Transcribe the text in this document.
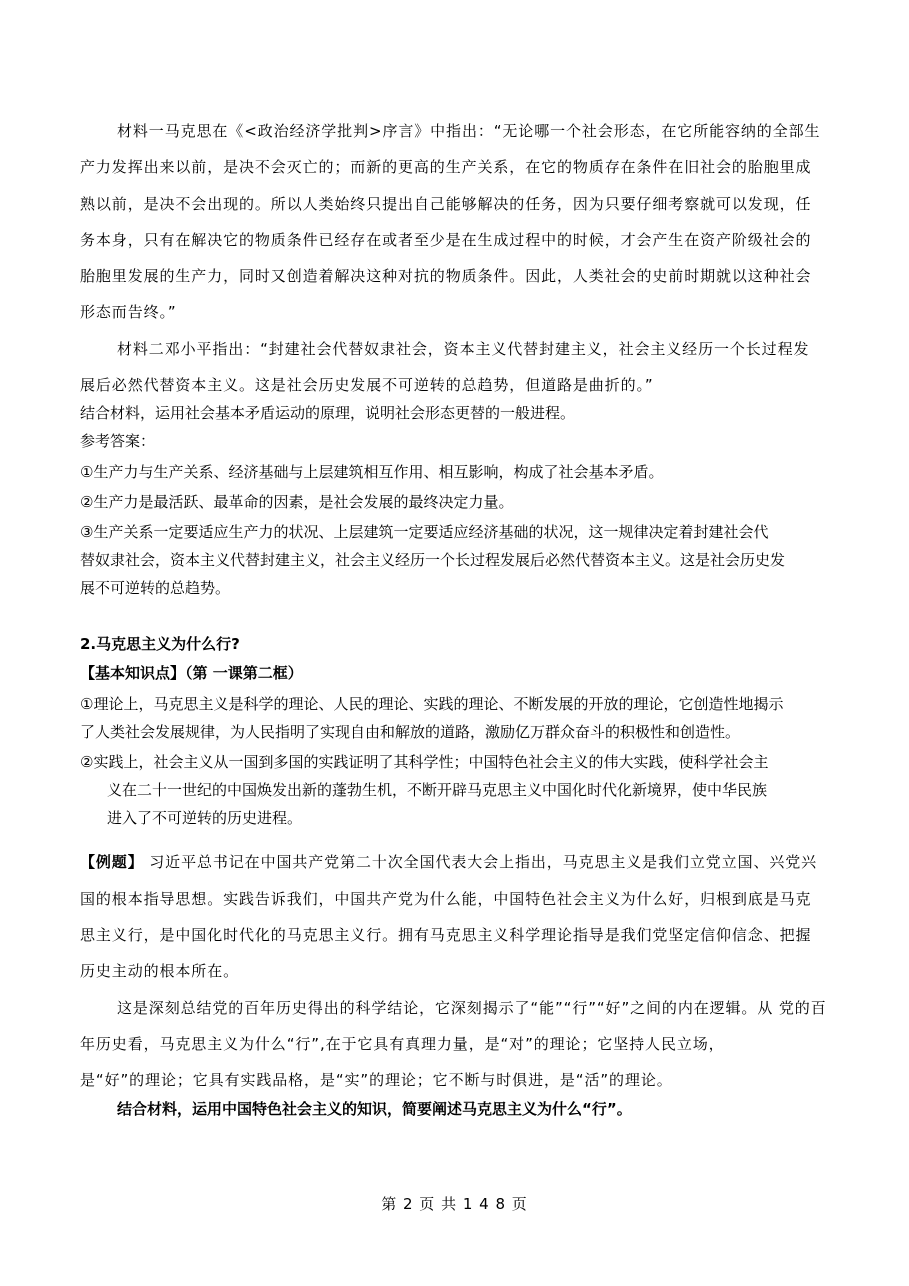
材料一马克思在《<政治经济学批判>序言》中指出：“无论哪一个社会形态，在它所能容纳的全部生
产力发挥出来以前，是决不会灭亡的；而新的更高的生产关系，在它的物质存在条件在旧社会的胎胞里成
熟以前，是决不会出现的。所以人类始终只提出自己能够解决的任务，因为只要仔细考察就可以发现，任
务本身，只有在解决它的物质条件已经存在或者至少是在生成过程中的时候，才会产生在资产阶级社会的
胎胞里发展的生产力，同时又创造着解决这种对抗的物质条件。因此，人类社会的史前时期就以这种社会
形态而告终。”
材料二邓小平指出：“封建社会代替奴隶社会，资本主义代替封建主义，社会主义经历一个长过程发
展后必然代替资本主义。这是社会历史发展不可逆转的总趋势，但道路是曲折的。”
结合材料，运用社会基本矛盾运动的原理，说明社会形态更替的一般进程。
参考答案：
①生产力与生产关系、经济基础与上层建筑相互作用、相互影响，构成了社会基本矛盾。
②生产力是最活跃、最革命的因素，是社会发展的最终决定力量。
③生产关系一定要适应生产力的状况、上层建筑一定要适应经济基础的状况，这一规律决定着封建社会代
替奴隶社会，资本主义代替封建主义，社会主义经历一个长过程发展后必然代替资本主义。这是社会历史发
展不可逆转的总趋势。
2.马克思主义为什么行?
【基本知识点】（第 一课第二框）
①理论上，马克思主义是科学的理论、人民的理论、实践的理论、不断发展的开放的理论，它创造性地揭示
了人类社会发展规律，为人民指明了实现自由和解放的道路，激励亿万群众奋斗的积极性和创造性。
②实践上，社会主义从一国到多国的实践证明了其科学性；中国特色社会主义的伟大实践，使科学社会主
义在二十一世纪的中国焕发出新的蓬勃生机，不断开辟马克思主义中国化时代化新境界，使中华民族
进入了不可逆转的历史进程。
【例题】 习近平总书记在中国共产党第二十次全国代表大会上指出，马克思主义是我们立党立国、兴党兴
国的根本指导思想。实践告诉我们，中国共产党为什么能，中国特色社会主义为什么好，归根到底是马克
思主义行，是中国化时代化的马克思主义行。拥有马克思主义科学理论指导是我们党坚定信仰信念、把握
历史主动的根本所在。
这是深刻总结党的百年历史得出的科学结论，它深刻揭示了“能”“行”“好”之间的内在逻辑。从 党的百
年历史看，马克思主义为什么“行”,在于它具有真理力量，是“对”的理论；它坚持人民立场，
是“好”的理论；它具有实践品格，是“实”的理论；它不断与时俱进，是“活”的理论。
结合材料，运用中国特色社会主义的知识，简要阐述马克思主义为什么“行”。
第 2 页 共 1 4 8 页
